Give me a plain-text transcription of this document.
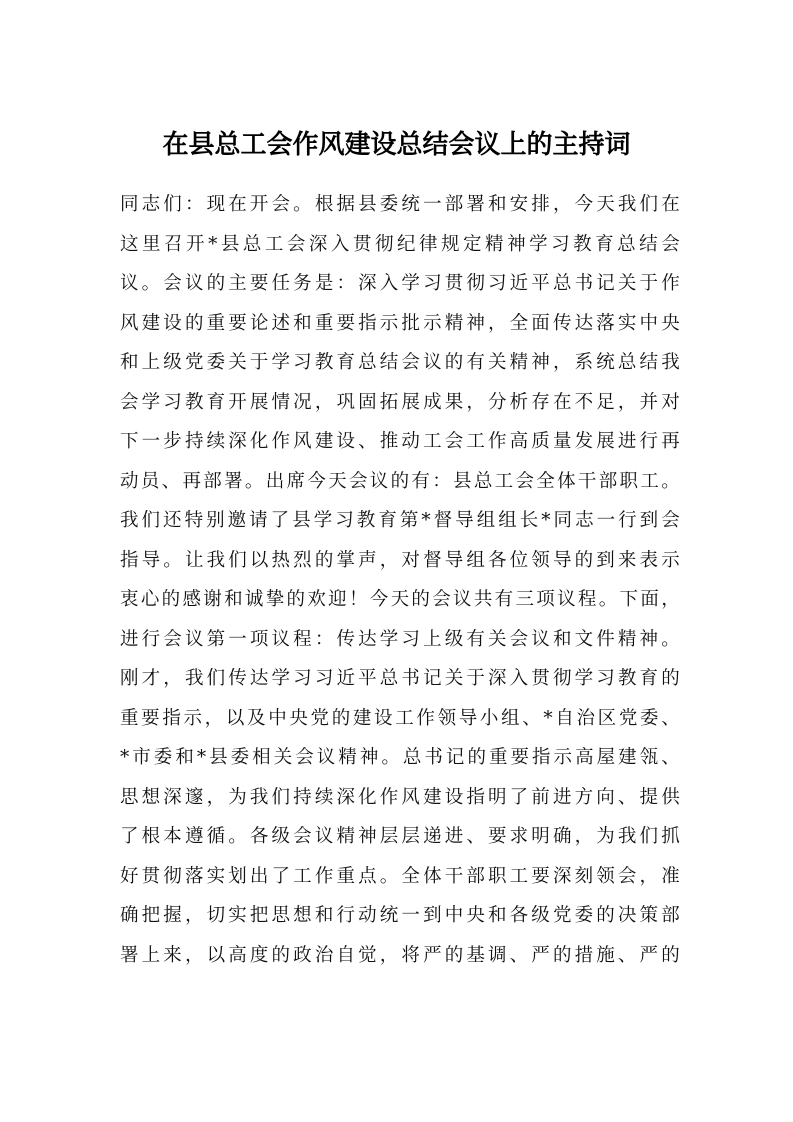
在县总工会作风建设总结会议上的主持词
同志们：现在开会。根据县委统一部署和安排，今天我们在
这里召开*县总工会深入贯彻纪律规定精神学习教育总结会
议。会议的主要任务是：深入学习贯彻习近平总书记关于作
风建设的重要论述和重要指示批示精神，全面传达落实中央
和上级党委关于学习教育总结会议的有关精神，系统总结我
会学习教育开展情况，巩固拓展成果，分析存在不足，并对
下一步持续深化作风建设、推动工会工作高质量发展进行再
动员、再部署。出席今天会议的有：县总工会全体干部职工。
我们还特别邀请了县学习教育第*督导组组长*同志一行到会
指导。让我们以热烈的掌声，对督导组各位领导的到来表示
衷心的感谢和诚挚的欢迎！今天的会议共有三项议程。下面，
进行会议第一项议程：传达学习上级有关会议和文件精神。
刚才，我们传达学习习近平总书记关于深入贯彻学习教育的
重要指示，以及中央党的建设工作领导小组、*自治区党委、
*市委和*县委相关会议精神。总书记的重要指示高屋建瓴、
思想深邃，为我们持续深化作风建设指明了前进方向、提供
了根本遵循。各级会议精神层层递进、要求明确，为我们抓
好贯彻落实划出了工作重点。全体干部职工要深刻领会，准
确把握，切实把思想和行动统一到中央和各级党委的决策部
署上来，以高度的政治自觉，将严的基调、严的措施、严的
